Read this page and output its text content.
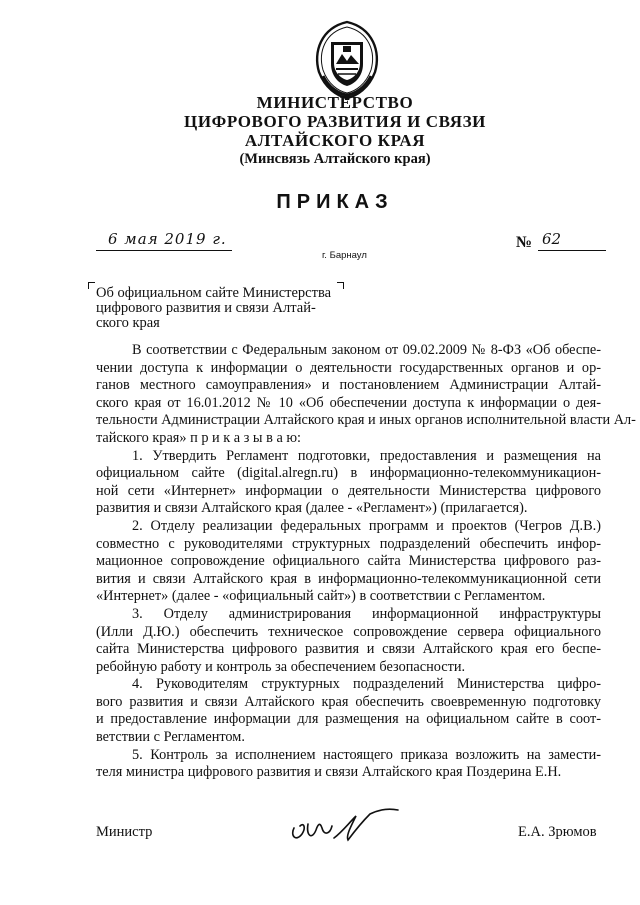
МИНИСТЕРСТВО
ЦИФРОВОГО РАЗВИТИЯ И СВЯЗИ
АЛТАЙСКОГО КРАЯ
(Минсвязь Алтайского края)
ПРИКАЗ
6 мая 2019 г.	№ 62
г. Барнаул
Об официальном сайте Министерства
цифрового развития и связи Алтай-
ского края
В соответствии с Федеральным законом от 09.02.2009 № 8-ФЗ «Об обеспе-
чении доступа к информации о деятельности государственных органов и ор-
ганов местного самоуправления» и постановлением Администрации Алтай-
ского края от 16.01.2012 № 10 «Об обеспечении доступа к информации о дея-
тельности Администрации Алтайского края и иных органов исполнительной власти Ал-
тайского края» п р и к а з ы в а ю:
1. Утвердить Регламент подготовки, предоставления и размещения на
официальном сайте (digital.alregn.ru) в информационно-телекоммуникацион-
ной сети «Интернет» информации о деятельности Министерства цифрового
развития и связи Алтайского края (далее - «Регламент») (прилагается).
2. Отделу реализации федеральных программ и проектов (Чегров Д.В.)
совместно с руководителями структурных подразделений обеспечить инфор-
мационное сопровождение официального сайта Министерства цифрового раз-
вития и связи Алтайского края в информационно-телекоммуникационной сети
«Интернет» (далее - «официальный сайт») в соответствии с Регламентом.
3. Отделу администрирования информационной инфраструктуры
(Илли Д.Ю.) обеспечить техническое сопровождение сервера официального
сайта Министерства цифрового развития и связи Алтайского края его беспе-
ребойную работу и контроль за обеспечением безопасности.
4. Руководителям структурных подразделений Министерства цифро-
вого развития и связи Алтайского края обеспечить своевременную подготовку
и предоставление информации для размещения на официальном сайте в соот-
ветствии с Регламентом.
5. Контроль за исполнением настоящего приказа возложить на замести-
теля министра цифрового развития и связи Алтайского края Поздерина Е.Н.
Министр	Е.А. Зрюмов
